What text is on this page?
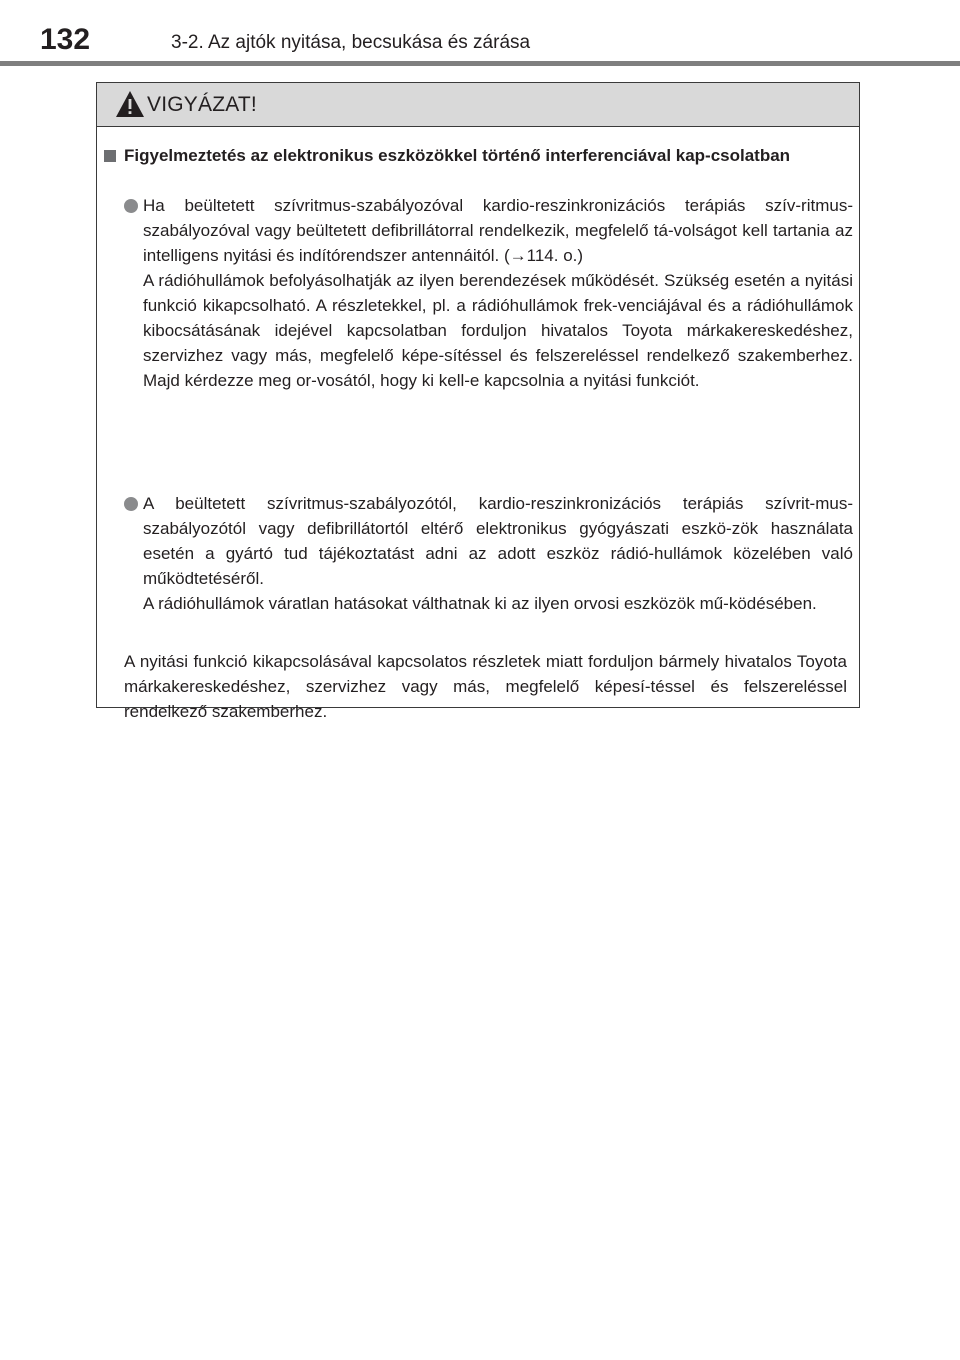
132	3-2. Az ajtók nyitása, becsukása és zárása
VIGYÁZAT!
Figyelmeztetés az elektronikus eszközökkel történő interferenciával kap-csolatban

Ha beültetett szívritmus-szabályozóval kardio-reszinkronizációs terápiás szív-ritmus-szabályozóval vagy beültetett defibrillátorral rendelkezik, megfelelő tá-volságot kell tartania az intelligens nyitási és indítórendszer antennáitól. (→114. o.)

A rádióhullámok befolyásolhatják az ilyen berendezések működését. Szükség esetén a nyitási funkció kikapcsolható. A részletekkel, pl. a rádióhullámok frek-venciájával és a rádióhullámok kibocsátásának idejével kapcsolatban forduljon hivatalos Toyota márkakereskedéshez, szervizhez vagy más, megfelelő képe-sítéssel és felszereléssel rendelkező szakemberhez. Majd kérdezze meg or-vosától, hogy ki kell-e kapcsolnia a nyitási funkciót.

A beültetett szívritmus-szabályozótól, kardio-reszinkronizációs terápiás szívrit-mus-szabályozótól vagy defibrillátortól eltérő elektronikus gyógyászati eszkö-zök használata esetén a gyártó tud tájékoztatást adni az adott eszköz rádió-hullámok közelében való működtetéséről.

A rádióhullámok váratlan hatásokat válthatnak ki az ilyen orvosi eszközök mű-ködésében.

A nyitási funkció kikapcsolásával kapcsolatos részletek miatt forduljon bármely hivatalos Toyota márkakereskedéshez, szervizhez vagy más, megfelelő képesí-téssel és felszereléssel rendelkező szakemberhez.
